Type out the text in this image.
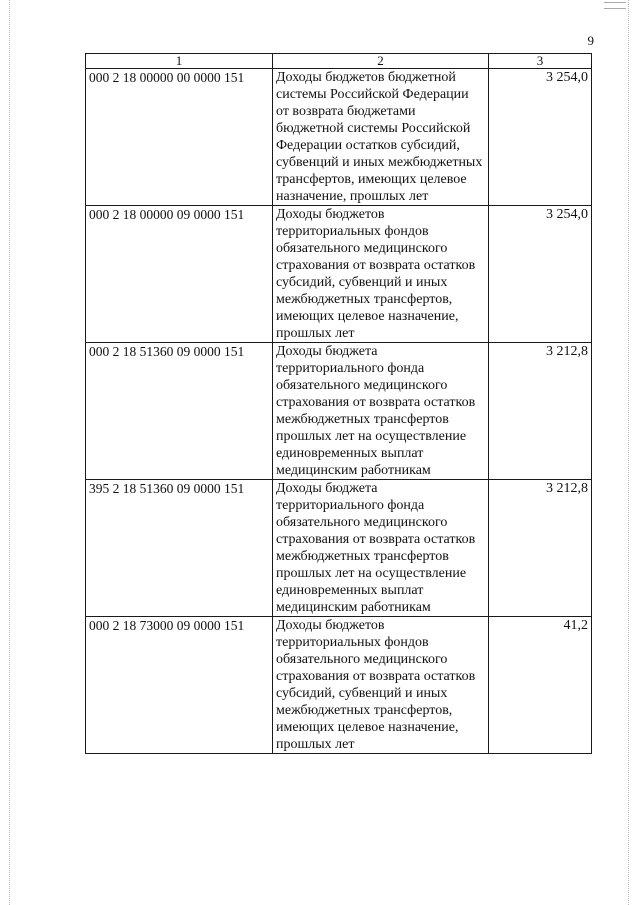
9
1	2	3
000 2 18 00000 00 0000 151	Доходы бюджетов бюджетной системы Российской Федерации от возврата бюджетами бюджетной системы Российской Федерации остатков субсидий, субвенций и иных межбюджетных трансфертов, имеющих целевое назначение, прошлых лет	3 254,0
000 2 18 00000 09 0000 151	Доходы бюджетов территориальных фондов обязательного медицинского страхования от возврата остатков субсидий, субвенций и иных межбюджетных трансфертов, имеющих целевое назначение, прошлых лет	3 254,0
000 2 18 51360 09 0000 151	Доходы бюджета территориального фонда обязательного медицинского страхования от возврата остатков межбюджетных трансфертов прошлых лет на осуществление единовременных выплат медицинским работникам	3 212,8
395 2 18 51360 09 0000 151	Доходы бюджета территориального фонда обязательного медицинского страхования от возврата остатков межбюджетных трансфертов прошлых лет на осуществление единовременных выплат медицинским работникам	3 212,8
000 2 18 73000 09 0000 151	Доходы бюджетов территориальных фондов обязательного медицинского страхования от возврата остатков субсидий, субвенций и иных межбюджетных трансфертов, имеющих целевое назначение, прошлых лет	41,2
